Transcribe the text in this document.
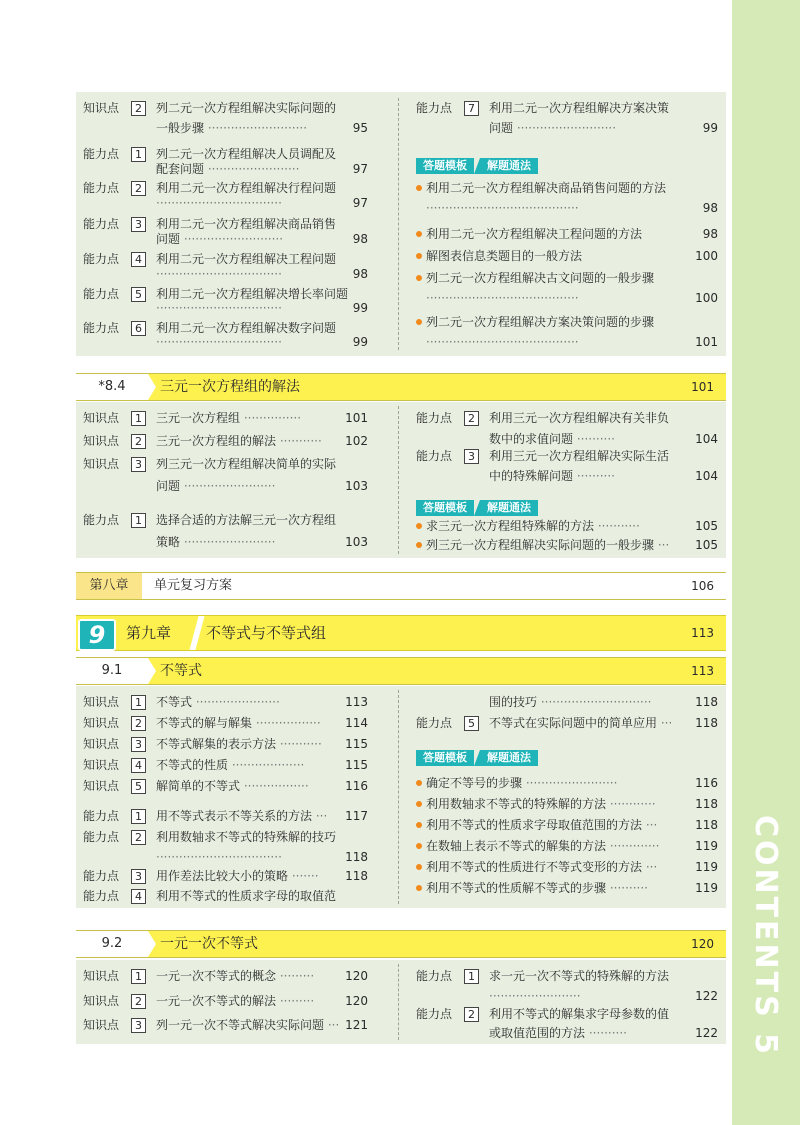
CONTENTS 5
知识点	2	列二元一次方程组解决实际问题的
一般步骤 ··························	95
能力点	1	列二元一次方程组解决人员调配及
配套问题 ························	97
能力点	2	利用二元一次方程组解决行程问题
·································	97
能力点	3	利用二元一次方程组解决商品销售
问题 ··························	98
能力点	4	利用二元一次方程组解决工程问题
·································	98
能力点	5	利用二元一次方程组解决增长率问题
·································	99
能力点	6	利用二元一次方程组解决数字问题
·································	99
能力点	7	利用二元一次方程组解决方案决策
问题 ··························	99
答题模板	解题通法
利用二元一次方程组解决商品销售问题的方法
········································	98
利用二元一次方程组解决工程问题的方法	98
解图表信息类题目的一般方法	100
列二元一次方程组解决古文问题的一般步骤
········································	100
列二元一次方程组解决方案决策问题的步骤
········································	101
*8.4	三元一次方程组的解法	101
知识点	1	三元一次方程组 ···············	101
知识点	2	三元一次方程组的解法 ···········	102
知识点	3	列三元一次方程组解决简单的实际
问题 ························	103
能力点	1	选择合适的方法解三元一次方程组
策略 ························	103
能力点	2	利用三元一次方程组解决有关非负
数中的求值问题 ··········	104
能力点	3	利用三元一次方程组解决实际生活
中的特殊解问题 ··········	104
答题模板	解题通法
求三元一次方程组特殊解的方法 ···········	105
列三元一次方程组解决实际问题的一般步骤 ···	105
第八章	单元复习方案	106
9	第九章 不等式与不等式组	113
9.1	不等式	113
知识点	1	不等式 ······················	113
知识点	2	不等式的解与解集 ·················	114
知识点	3	不等式解集的表示方法 ···········	115
知识点	4	不等式的性质 ···················	115
知识点	5	解简单的不等式 ·················	116
能力点	1	用不等式表示不等关系的方法 ···	117
能力点	2	利用数轴求不等式的特殊解的技巧
·································	118
能力点	3	用作差法比较大小的策略 ·······	118
能力点	4	利用不等式的性质求字母的取值范
围的技巧 ·····························	118
能力点	5	不等式在实际问题中的简单应用 ···	118
答题模板	解题通法
确定不等号的步骤 ························	116
利用数轴求不等式的特殊解的方法 ············	118
利用不等式的性质求字母取值范围的方法 ···	118
在数轴上表示不等式的解集的方法 ·············	119
利用不等式的性质进行不等式变形的方法 ···	119
利用不等式的性质解不等式的步骤 ··········	119
9.2	一元一次不等式	120
知识点	1	一元一次不等式的概念 ·········	120
知识点	2	一元一次不等式的解法 ·········	120
知识点	3	列一元一次不等式解决实际问题 ··· 121
能力点	1	求一元一次不等式的特殊解的方法
························	122
能力点	2	利用不等式的解集求字母参数的值
或取值范围的方法 ··········	122
